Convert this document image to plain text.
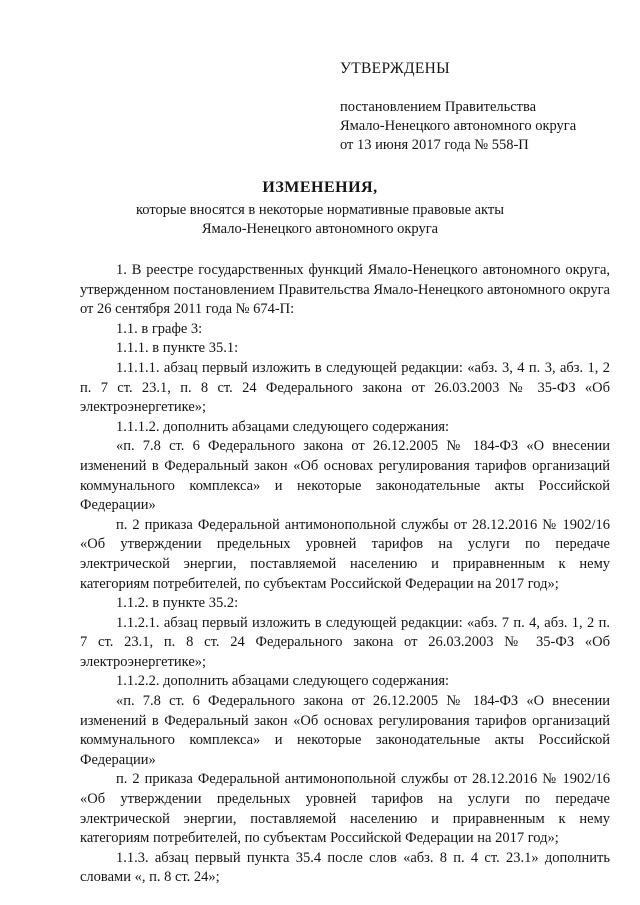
УТВЕРЖДЕНЫ

постановлением Правительства

Ямало-Ненецкого автономного округа

от 13 июня 2017 года № 558-П

ИЗМЕНЕНИЯ,

которые вносятся в некоторые нормативные правовые акты

Ямало-Ненецкого автономного округа

1. В реестре государственных функций Ямало-Ненецкого автономного округа, утвержденном постановлением Правительства Ямало-Ненецкого автономного округа от 26 сентября 2011 года № 674-П:

1.1. в графе 3:

1.1.1. в пункте 35.1:

1.1.1.1. абзац первый изложить в следующей редакции: «абз. 3, 4 п. 3, абз. 1, 2 п. 7 ст. 23.1, п. 8 ст. 24 Федерального закона от 26.03.2003 № 35-ФЗ «Об электроэнергетике»;

1.1.1.2. дополнить абзацами следующего содержания:

«п. 7.8 ст. 6 Федерального закона от 26.12.2005 № 184-ФЗ «О внесении изменений в Федеральный закон «Об основах регулирования тарифов организаций коммунального комплекса» и некоторые законодательные акты Российской Федерации»

п. 2 приказа Федеральной антимонопольной службы от 28.12.2016 № 1902/16 «Об утверждении предельных уровней тарифов на услуги по передаче электрической энергии, поставляемой населению и приравненным к нему категориям потребителей, по субъектам Российской Федерации на 2017 год»;

1.1.2. в пункте 35.2:

1.1.2.1. абзац первый изложить в следующей редакции: «абз. 7 п. 4, абз. 1, 2 п. 7 ст. 23.1, п. 8 ст. 24 Федерального закона от 26.03.2003 № 35-ФЗ «Об электроэнергетике»;

1.1.2.2. дополнить абзацами следующего содержания:

«п. 7.8 ст. 6 Федерального закона от 26.12.2005 № 184-ФЗ «О внесении изменений в Федеральный закон «Об основах регулирования тарифов организаций коммунального комплекса» и некоторые законодательные акты Российской Федерации»

п. 2 приказа Федеральной антимонопольной службы от 28.12.2016 № 1902/16 «Об утверждении предельных уровней тарифов на услуги по передаче электрической энергии, поставляемой населению и приравненным к нему категориям потребителей, по субъектам Российской Федерации на 2017 год»;

1.1.3. абзац первый пункта 35.4 после слов «абз. 8 п. 4 ст. 23.1» дополнить словами «, п. 8 ст. 24»;
